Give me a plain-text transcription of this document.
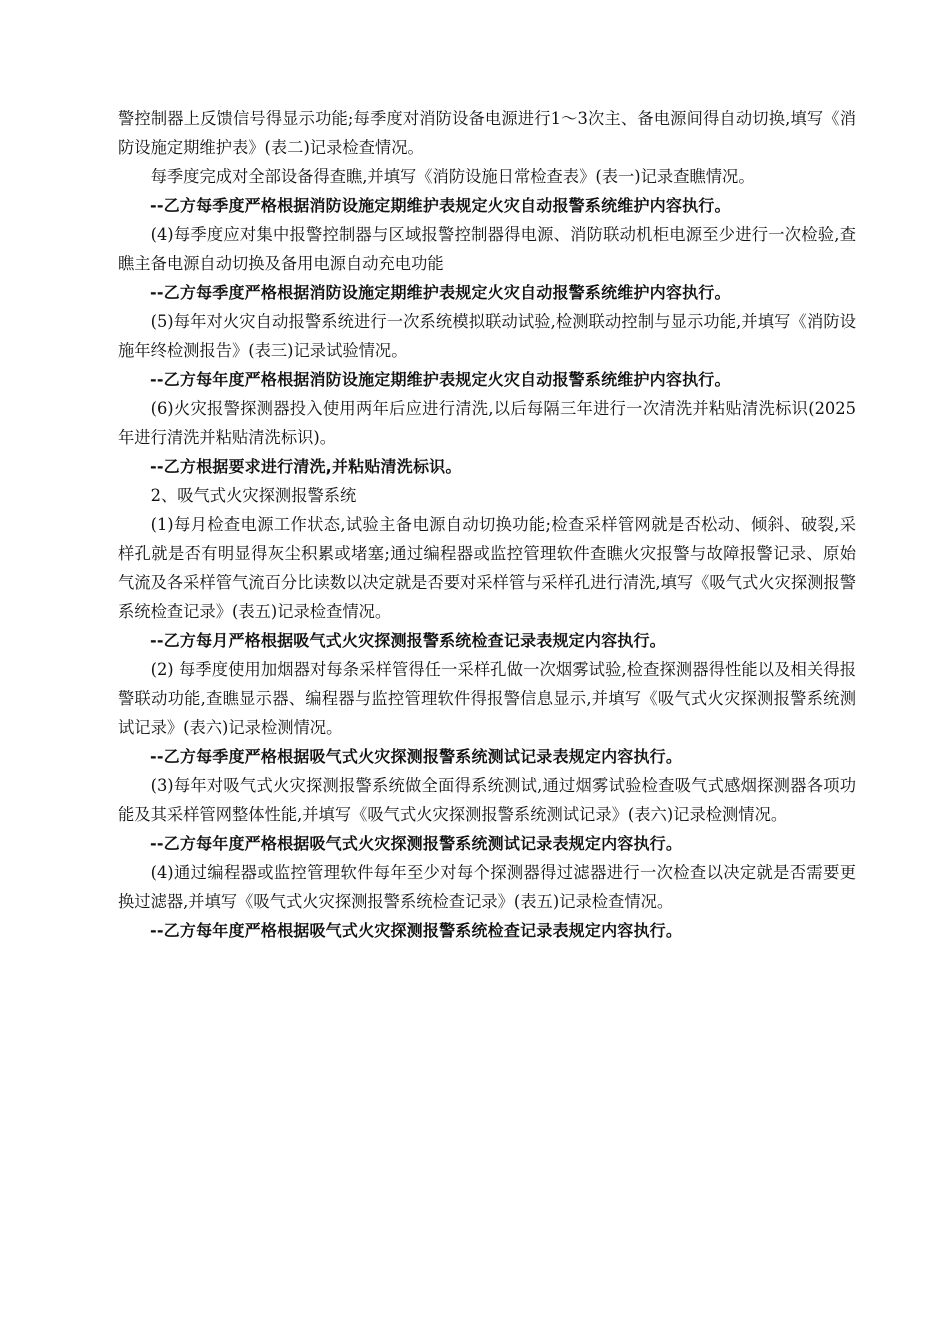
警控制器上反馈信号得显示功能;每季度对消防设备电源进行1～3次主、备电源间得自动切换,填写《消防设施定期维护表》(表二)记录检查情况。

每季度完成对全部设备得查瞧,并填写《消防设施日常检查表》(表一)记录查瞧情况。

--乙方每季度严格根据消防设施定期维护表规定火灾自动报警系统维护内容执行。

(4)每季度应对集中报警控制器与区域报警控制器得电源、消防联动机柜电源至少进行一次检验,查瞧主备电源自动切换及备用电源自动充电功能

--乙方每季度严格根据消防设施定期维护表规定火灾自动报警系统维护内容执行。

(5)每年对火灾自动报警系统进行一次系统模拟联动试验,检测联动控制与显示功能,并填写《消防设施年终检测报告》(表三)记录试验情况。

--乙方每年度严格根据消防设施定期维护表规定火灾自动报警系统维护内容执行。

(6)火灾报警探测器投入使用两年后应进行清洗,以后每隔三年进行一次清洗并粘贴清洗标识(2025年进行清洗并粘贴清洗标识)。

--乙方根据要求进行清洗,并粘贴清洗标识。

2、吸气式火灾探测报警系统

(1)每月检查电源工作状态,试验主备电源自动切换功能;检查采样管网就是否松动、倾斜、破裂,采样孔就是否有明显得灰尘积累或堵塞;通过编程器或监控管理软件查瞧火灾报警与故障报警记录、原始气流及各采样管气流百分比读数以决定就是否要对采样管与采样孔进行清洗,填写《吸气式火灾探测报警系统检查记录》(表五)记录检查情况。

--乙方每月严格根据吸气式火灾探测报警系统检查记录表规定内容执行。

(2) 每季度使用加烟器对每条采样管得任一采样孔做一次烟雾试验,检查探测器得性能以及相关得报警联动功能,查瞧显示器、编程器与监控管理软件得报警信息显示,并填写《吸气式火灾探测报警系统测试记录》(表六)记录检测情况。

--乙方每季度严格根据吸气式火灾探测报警系统测试记录表规定内容执行。

(3)每年对吸气式火灾探测报警系统做全面得系统测试,通过烟雾试验检查吸气式感烟探测器各项功能及其采样管网整体性能,并填写《吸气式火灾探测报警系统测试记录》(表六)记录检测情况。

--乙方每年度严格根据吸气式火灾探测报警系统测试记录表规定内容执行。

(4)通过编程器或监控管理软件每年至少对每个探测器得过滤器进行一次检查以决定就是否需要更换过滤器,并填写《吸气式火灾探测报警系统检查记录》(表五)记录检查情况。

--乙方每年度严格根据吸气式火灾探测报警系统检查记录表规定内容执行。
